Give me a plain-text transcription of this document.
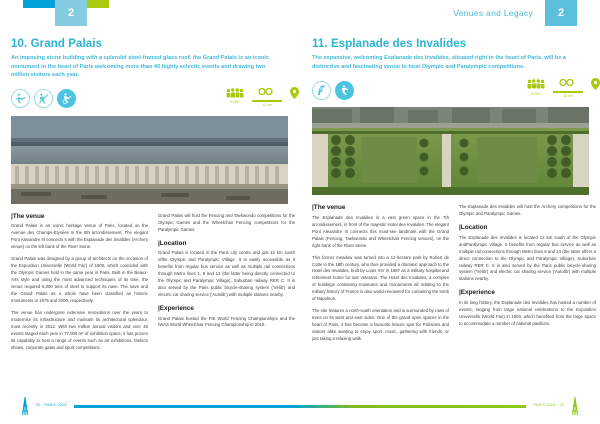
2	Venues and Legacy	2
10. Grand Palais
An imposing stone building with a splendid steel-framed glass roof, the Grand Palais is an iconic monument in the heart of Paris welcoming more than 40 highly eclectic events and drawing two million visitors each year.
9,000
12 km
|The venue

Grand Palais is an iconic heritage venue of Paris, located on the Avenue des Champs-Elysées in the 8th arrondissement. The elegant Pont Alexandre III connects it with the Esplanade des Invalides (Archery venue) on the left bank of the River Seine.

Grand Palais was designed by a group of architects on the occasion of the Exposition Universelle (World Fair) of 1900, which coincided with the Olympic Games held in the same year in Paris. Built in the Beaux-Arts style and using the most advanced techniques of its time, the venue required 6,000 tons of steel to support its nave. The nave and the Grand Palais as a whole have been classified as historic monuments in 1975 and 2000, respectively.

The venue has undergone extensive renovations over the years to modernise its infrastructure and maintain its architectural splendour, most recently in 2012. With two million annual visitors and over 40 events staged each year in 77,000 m² of exhibition space, it has proven its capability to host a range of events such as art exhibitions, fashion shows, corporate galas and sport competitions.

Grand Palais will host the Fencing and Taekwondo competitions for the Olympic Games and the Wheelchair Fencing competitions for the Paralympic Games.

|Location

Grand Palais is located in the Paris city centre and just 12 km south ofthe Olympic and Paralympic Village. It is easily accessible as it benefits from regular bus service as well as multiple rail connections through Metro lines 1, 9 and 13 (the latter being directly connected to the Olympic and Paralympic Village), Suburban railway RER C. It is also served by the Paris public bicycle-sharing system ('Vélib') and electric car sharing service ('Autolib') with multiple stations nearby.

|Experience

Grand Palais hosted the FIE World Fencing Championships and the IWAS World Wheelchair Fencing Championship in 2010.

11. Esplanade des Invalides
The expansive, welcoming Esplanade des Invalides, situated right in the heart of Paris, will be a distinctive and fascinating venue to host Olympic and Paralympic competitions.
8,000
12 km
|The venue

The Esplanade des Invalides is a vast green space in the 7th arrondissement, in front of the majestic Hotel des Invalides. The elegant Pont Alexandre III connects this must-see landmark with the Grand Palais (Fencing, Taekwondo and Wheelchair Fencing venues), on the right bank of the River Seine.

This former meadow was turned into a 12-hectare park by Robert de Cotte in the 18th century, who thus provided a dramatic approach to the Hotel des Invalides, built by Louis XIV in 1687 as a military hospital and retirement home for war veterans. The Hotel des Invalides, a complex of buildings containing museums and monuments all relating to the military history of France is also world-renowned for containing the tomb of Napoleon.

The site features a north-south orientation and is surrounded by rows of trees on its west and east sides. One of the grand open spaces in the heart of Paris, it has become a favourite leisure spot for Parisians and visitors alike wanting to enjoy sport, music, gathering with friends, or just taking a relaxing walk.

The Esplanade des Invalides will host the Archery competitions for the Olympic and Paralympic Games.

|Location

The Esplanade des Invalides is located 12 km south of the Olympic andParalympic Village. It benefits from regular bus service as well as multiple rail connections through Metro lines 8 and 13 (the latter offers a direct connection to the Olympic and Paralympic Village), Suburban railway RER C. It is also served by the Paris public bicycle-sharing system ('Vélib') and electric car sharing service ('Autolib') with multiple stations nearby.

|Experience

In its long history, the Esplanade des Invalides has hosted a number of events, ranging from large national celebrations to the Exposition Universelle (World Fair) in 1900, which benefited from the large space to accommodate a number of national pavilions.

32 - PARIS 2024	PARIS 2024 - 33
